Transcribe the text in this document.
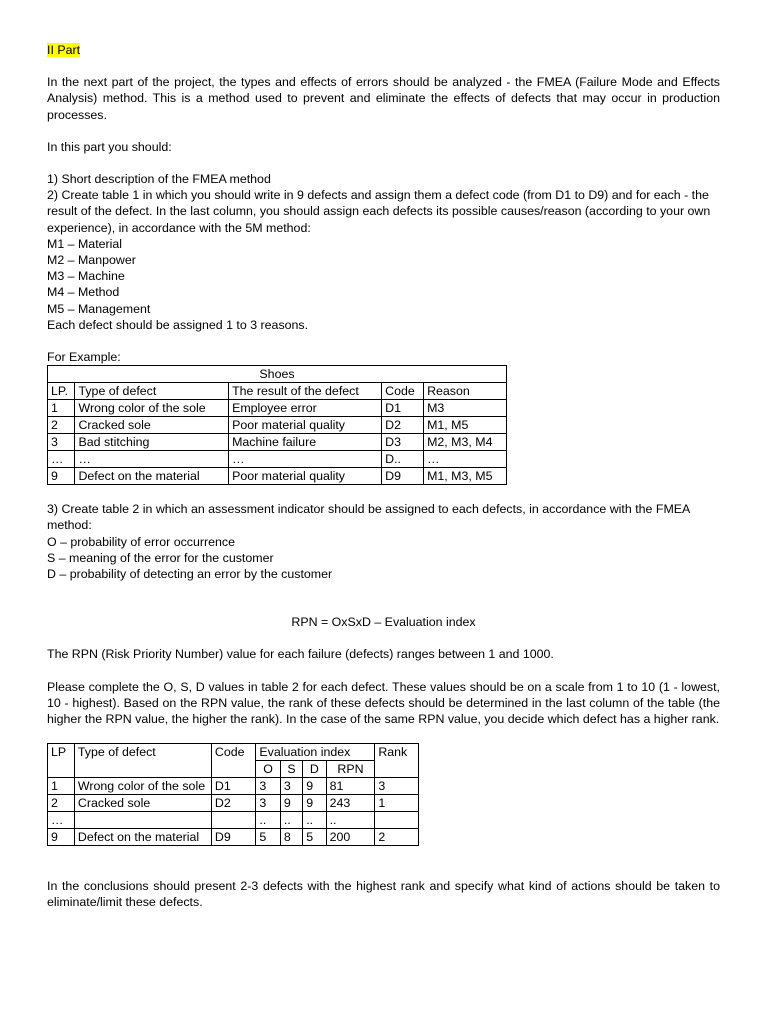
II Part

In the next part of the project, the types and effects of errors should be analyzed - the FMEA (Failure Mode and Effects Analysis) method. This is a method used to prevent and eliminate the effects of defects that may occur in production processes.

In this part you should:

1) Short description of the FMEA method

2) Create table 1 in which you should write in 9 defects and assign them a defect code (from D1 to D9) and for each - the result of the defect. In the last column, you should assign each defects its possible causes/reason (according to your own experience), in accordance with the 5M method:

M1 – Material

M2 – Manpower

M3 – Machine

M4 – Method

M5 – Management

Each defect should be assigned 1 to 3 reasons.

For Example:

Shoes				
LP.	Type of defect	The result of the defect	Code	Reason
1	Wrong color of the sole	Employee error	D1	M3
2	Cracked sole	Poor material quality	D2	M1, M5
3	Bad stitching	Machine failure	D3	M2, M3, M4
…	…	…	D..	…
9	Defect on the material	Poor material quality	D9	M1, M3, M5

3) Create table 2 in which an assessment indicator should be assigned to each defects, in accordance with the FMEA method:

O – probability of error occurrence

S – meaning of the error for the customer

D – probability of detecting an error by the customer

RPN = OxSxD – Evaluation index

The RPN (Risk Priority Number) value for each failure (defects) ranges between 1 and 1000.

Please complete the O, S, D values in table 2 for each defect. These values should be on a scale from 1 to 10 (1 - lowest, 10 - highest). Based on the RPN value, the rank of these defects should be determined in the last column of the table (the higher the RPN value, the higher the rank). In the case of the same RPN value, you decide which defect has a higher rank.

LP	Type of defect	Code	Evaluation index				Rank
			O	S	D	RPN	
1	Wrong color of the sole	D1	3	3	9	81	3
2	Cracked sole	D2	3	9	9	243	1
…			..	..	..	..	
9	Defect on the material	D9	5	8	5	200	2

In the conclusions should present 2-3 defects with the highest rank and specify what kind of actions should be taken to eliminate/limit these defects.
